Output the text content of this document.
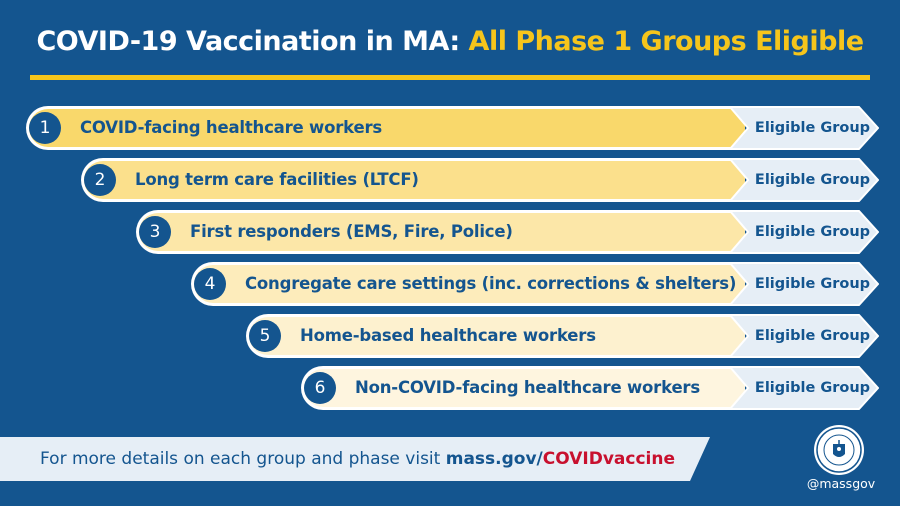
COVID-19 Vaccination in MA: All Phase 1 Groups Eligible
1	COVID-facing healthcare workers	Eligible Group
2	Long term care facilities (LTCF)	Eligible Group
3	First responders (EMS, Fire, Police)	Eligible Group
4	Congregate care settings (inc. corrections & shelters)	Eligible Group
5	Home-based healthcare workers	Eligible Group
6	Non-COVID-facing healthcare workers	Eligible Group
For more details on each group and phase visit mass.gov/COVIDvaccine
@massgov
